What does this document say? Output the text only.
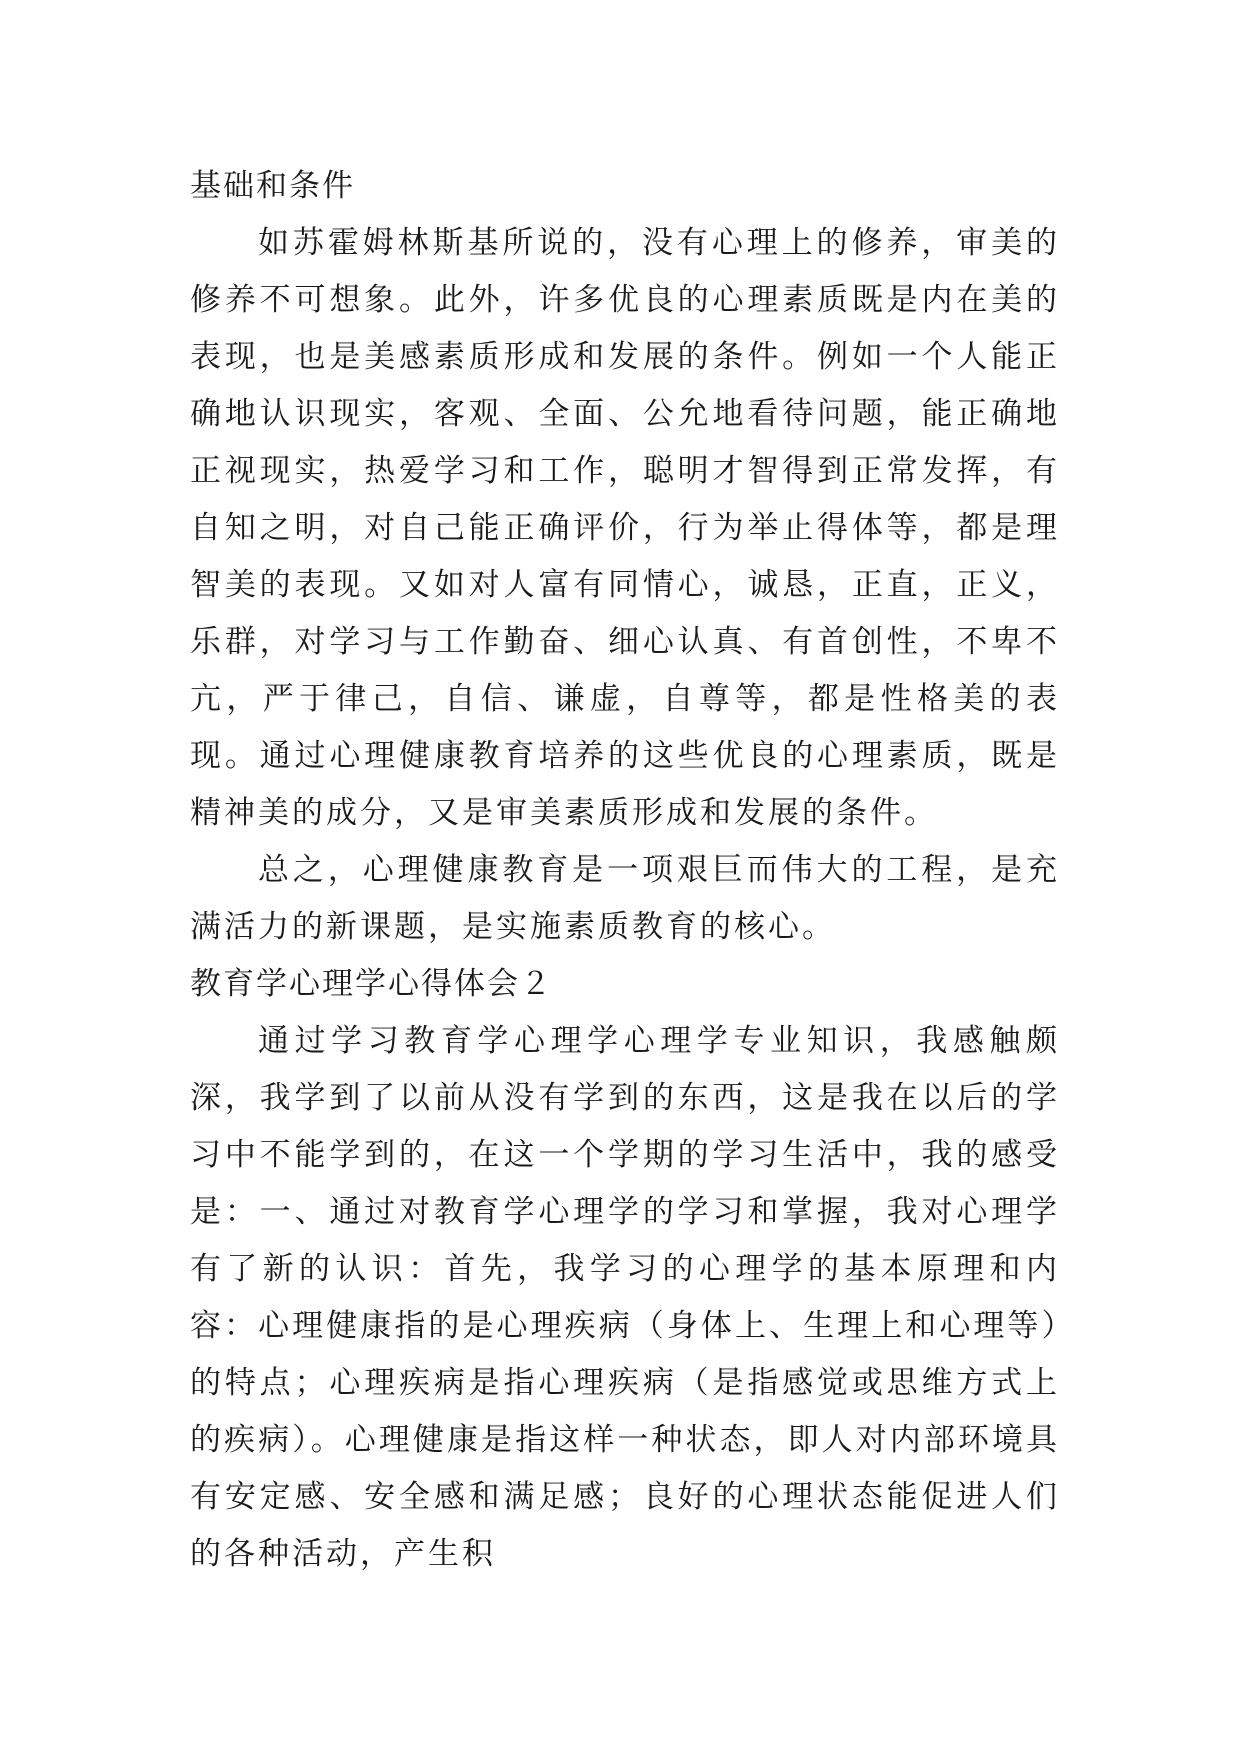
基础和条件

如苏霍姆林斯基所说的，没有心理上的修养，审美的修养不可想象。此外，许多优良的心理素质既是内在美的表现，也是美感素质形成和发展的条件。例如一个人能正确地认识现实，客观、全面、公允地看待问题，能正确地正视现实，热爱学习和工作，聪明才智得到正常发挥，有自知之明，对自己能正确评价，行为举止得体等，都是理智美的表现。又如对人富有同情心，诚恳，正直，正义，乐群，对学习与工作勤奋、细心认真、有首创性，不卑不亢，严于律己，自信、谦虚，自尊等，都是性格美的表现。通过心理健康教育培养的这些优良的心理素质，既是精神美的成分，又是审美素质形成和发展的条件。

总之，心理健康教育是一项艰巨而伟大的工程，是充满活力的新课题，是实施素质教育的核心。

教育学心理学心得体会２

通过学习教育学心理学心理学专业知识，我感触颇深，我学到了以前从没有学到的东西，这是我在以后的学习中不能学到的，在这一个学期的学习生活中，我的感受是：一、通过对教育学心理学的学习和掌握，我对心理学有了新的认识：首先，我学习的心理学的基本原理和内容：心理健康指的是心理疾病（身体上、生理上和心理等）的特点；心理疾病是指心理疾病（是指感觉或思维方式上的疾病）。心理健康是指这样一种状态，即人对内部环境具有安定感、安全感和满足感；良好的心理状态能促进人们的各种活动，产生积
